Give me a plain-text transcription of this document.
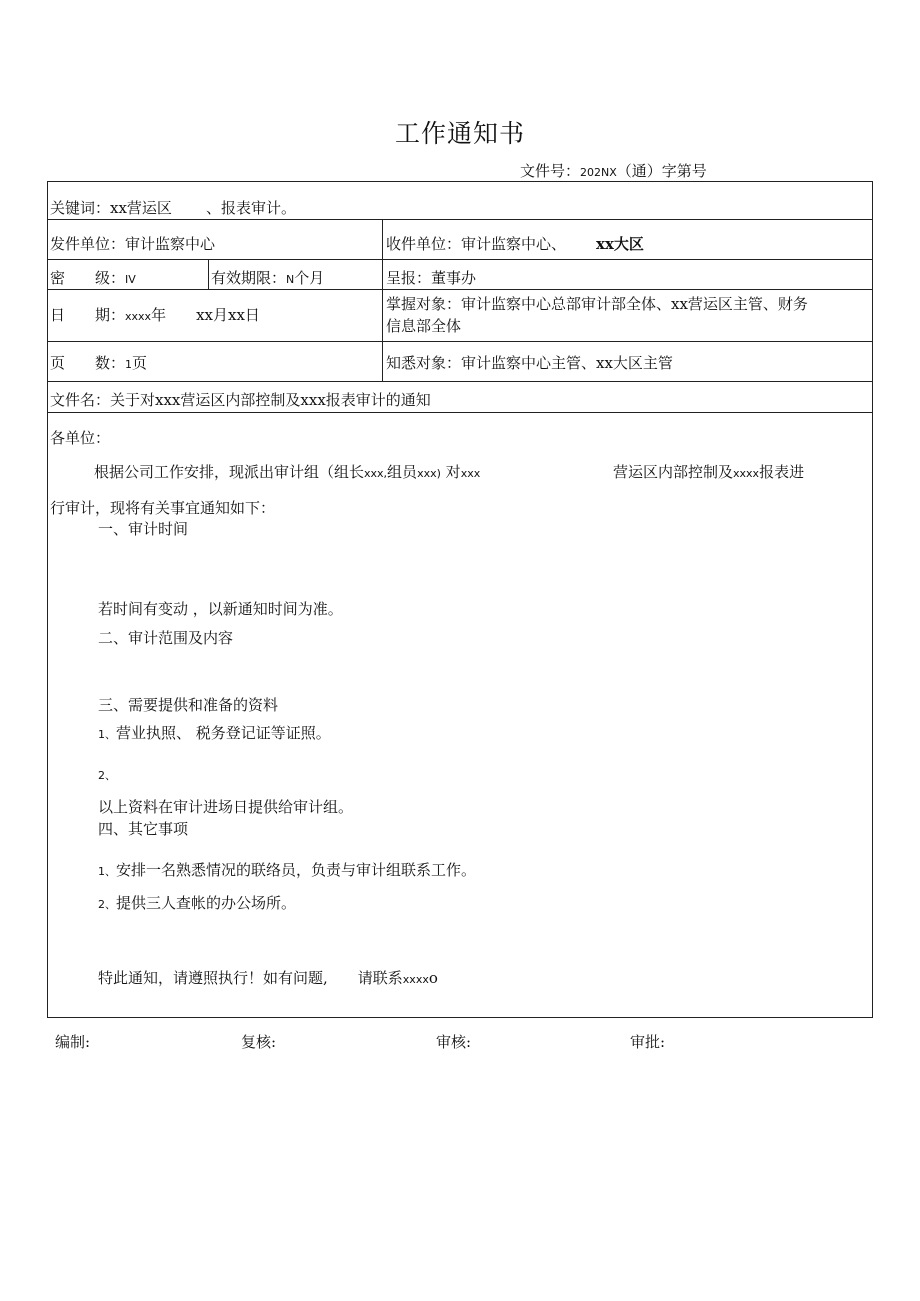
工作通知书
文件号：202NX（通）字第号
关键词：xx营运区 、报表审计。
发件单位：审计监察中心	收件单位：审计监察中心、 xx大区
密　　级：IV	有效期限：N个月	呈报：董事办
日　　期：xxxx年 xx月xx日
掌握对象：审计监察中心总部审计部全体、xx营运区主管、财务
信息部全体
页　　数：1页	知悉对象：审计监察中心主管、xx大区主管
文件名：关于对xxx营运区内部控制及xxx报表审计的通知
各单位：
根据公司工作安排，现派出审计组（组长xxx,组员xxx) 对xxx	营运区内部控制及xxxx报表进
行审计，现将有关事宜通知如下：
一、审计时间
若时间有变动 ，以新通知时间为准。
二、审计范围及内容
三、需要提供和准备的资料
1、营业执照、 税务登记证等证照。
2、
以上资料在审计进场日提供给审计组。
四、其它事项
1、安排一名熟悉情况的联络员，负责与审计组联系工作。
2、提供三人查帐的办公场所。
特此通知，请遵照执行！如有问题, 请联系xxxxo
编制:	复核:	审核:	审批:
